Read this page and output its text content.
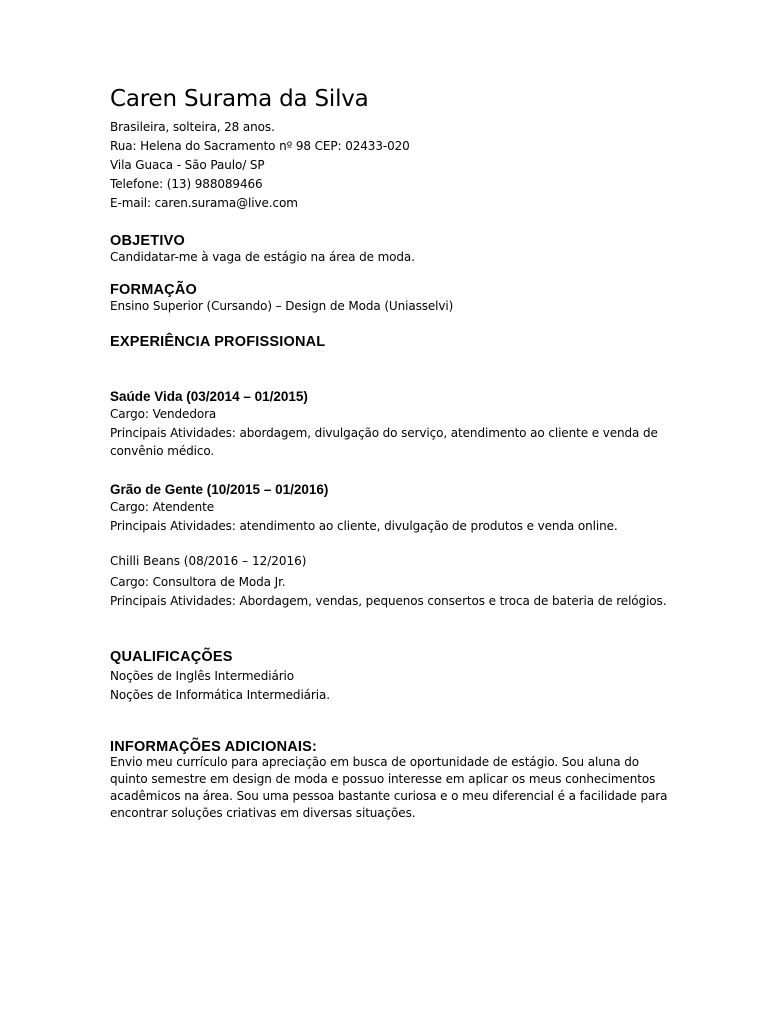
Caren Surama da Silva
Brasileira, solteira, 28 anos.
Rua: Helena do Sacramento nº 98 CEP: 02433-020
Vila Guaca - São Paulo/ SP
Telefone: (13) 988089466
E-mail: caren.surama@live.com
OBJETIVO
Candidatar-me à vaga de estágio na área de moda.
FORMAÇÃO
Ensino Superior (Cursando) – Design de Moda (Uniasselvi)
EXPERIÊNCIA PROFISSIONAL
Saúde Vida (03/2014 – 01/2015)
Cargo: Vendedora
Principais Atividades: abordagem, divulgação do serviço, atendimento ao cliente e venda de
convênio médico.
Grão de Gente (10/2015 – 01/2016)
Cargo: Atendente
Principais Atividades: atendimento ao cliente, divulgação de produtos e venda online.
Chilli Beans (08/2016 – 12/2016)
Cargo: Consultora de Moda Jr.
Principais Atividades: Abordagem, vendas, pequenos consertos e troca de bateria de relógios.
QUALIFICAÇÕES
Noções de Inglês Intermediário
Noções de Informática Intermediária.
INFORMAÇÕES ADICIONAIS:
Envio meu currículo para apreciação em busca de oportunidade de estágio. Sou aluna do
quinto semestre em design de moda e possuo interesse em aplicar os meus conhecimentos
acadêmicos na área. Sou uma pessoa bastante curiosa e o meu diferencial é a facilidade para
encontrar soluções criativas em diversas situações.
